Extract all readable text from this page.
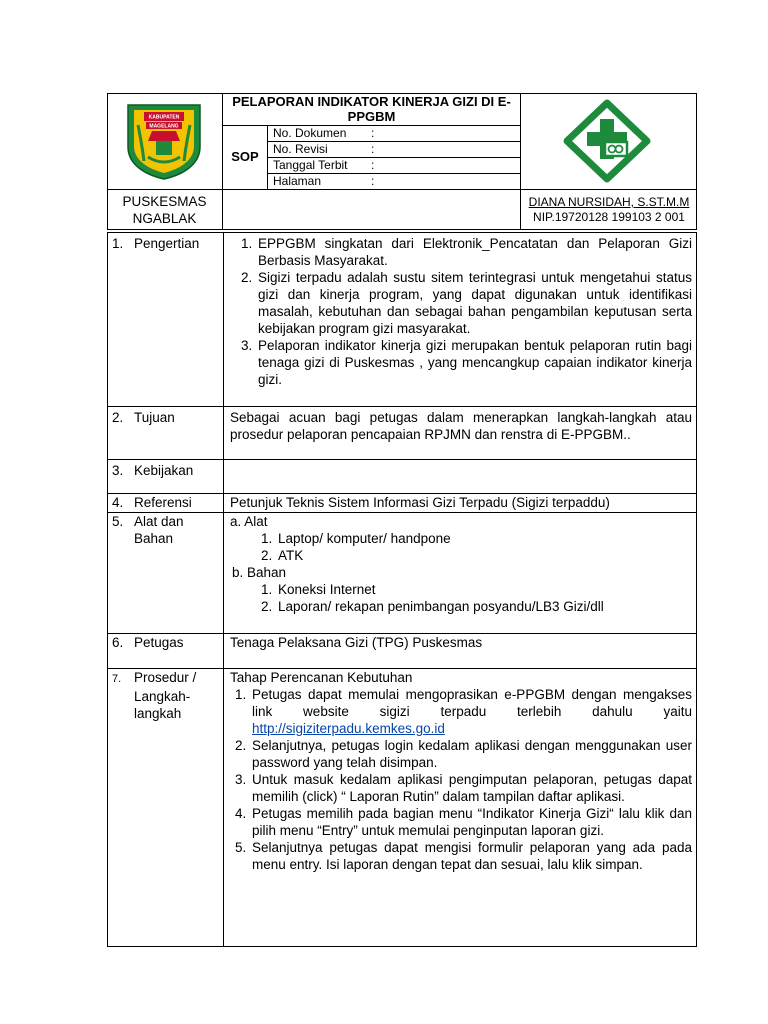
KABUPATEN
MAGELANG
PELAPORAN INDIKATOR KINERJA GIZI DI E-PPGBM
SOP
No. Dokumen :
No. Revisi	:
Tanggal Terbit :
Halaman	:
PUSKESMAS
NGABLAK
DIANA NURSIDAH, S.ST.M.M
NIP.19720128 199103 2 001
1. Pengertian
1.	EPPGBM singkatan dari Elektronik_Pencatatan dan Pelaporan Gizi Berbasis Masyarakat.
2. Sigizi terpadu adalah sustu sitem terintegrasi untuk mengetahui status gizi dan kinerja program, yang dapat digunakan untuk identifikasi masalah, kebutuhan dan sebagai bahan pengambilan keputusan serta kebijakan program gizi masyarakat.
3. Pelaporan indikator kinerja gizi merupakan bentuk pelaporan rutin bagi tenaga gizi di Puskesmas , yang mencangkup capaian indikator kinerja gizi.
2. Tujuan	Sebagai acuan bagi petugas dalam menerapkan langkah-langkah atau prosedur pelaporan pencapaian RPJMN dan renstra di E-PPGBM..
3. Kebijakan
4. Referensi	Petunjuk Teknis Sistem Informasi Gizi Terpadu (Sigizi terpaddu)
5. Alat dan
Bahan
a. Alat
1. Laptop/ komputer/ handpone
2. ATK
b. Bahan
1. Koneksi Internet
2. Laporan/ rekapan penimbangan posyandu/LB3 Gizi/dll
6. Petugas	Tenaga Pelaksana Gizi (TPG) Puskesmas
7. Prosedur /
Langkah-
langkah
Tahap Perencanan Kebutuhan
1. Petugas dapat memulai mengoprasikan e-PPGBM dengan mengakses link website sigizi terpadu terlebih dahulu yaitu http://sigiziterpadu.kemkes.go.id
2. Selanjutnya, petugas login kedalam aplikasi dengan menggunakan user password yang telah disimpan.
3. Untuk masuk kedalam aplikasi pengimputan pelaporan, petugas dapat memilih (click) “ Laporan Rutin” dalam tampilan daftar aplikasi.
4. Petugas memilih pada bagian menu “Indikator Kinerja Gizi“ lalu klik dan pilih menu “Entry” untuk memulai penginputan laporan gizi.
5. Selanjutnya petugas dapat mengisi formulir pelaporan yang ada pada menu entry. Isi laporan dengan tepat dan sesuai, lalu klik simpan.
